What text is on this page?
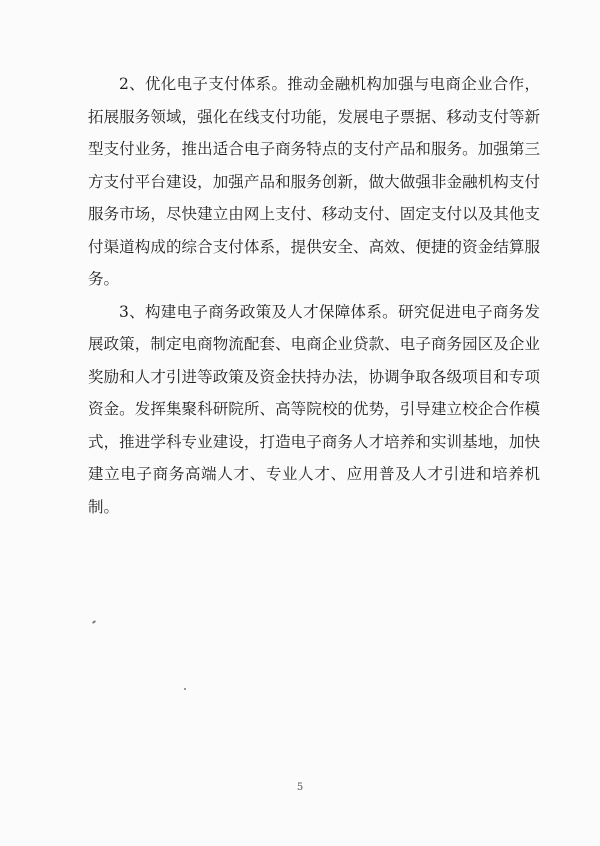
2、优化电子支付体系。推动金融机构加强与电商企业合作，拓展服务领域，强化在线支付功能，发展电子票据、移动支付等新型支付业务，推出适合电子商务特点的支付产品和服务。加强第三方支付平台建设，加强产品和服务创新，做大做强非金融机构支付服务市场，尽快建立由网上支付、移动支付、固定支付以及其他支付渠道构成的综合支付体系，提供安全、高效、便捷的资金结算服务。

3、构建电子商务政策及人才保障体系。研究促进电子商务发展政策，制定电商物流配套、电商企业贷款、电子商务园区及企业奖励和人才引进等政策及资金扶持办法，协调争取各级项目和专项资金。发挥集聚科研院所、高等院校的优势，引导建立校企合作模式，推进学科专业建设，打造电子商务人才培养和实训基地，加快建立电子商务高端人才、专业人才、应用普及人才引进和培养机制。

5
